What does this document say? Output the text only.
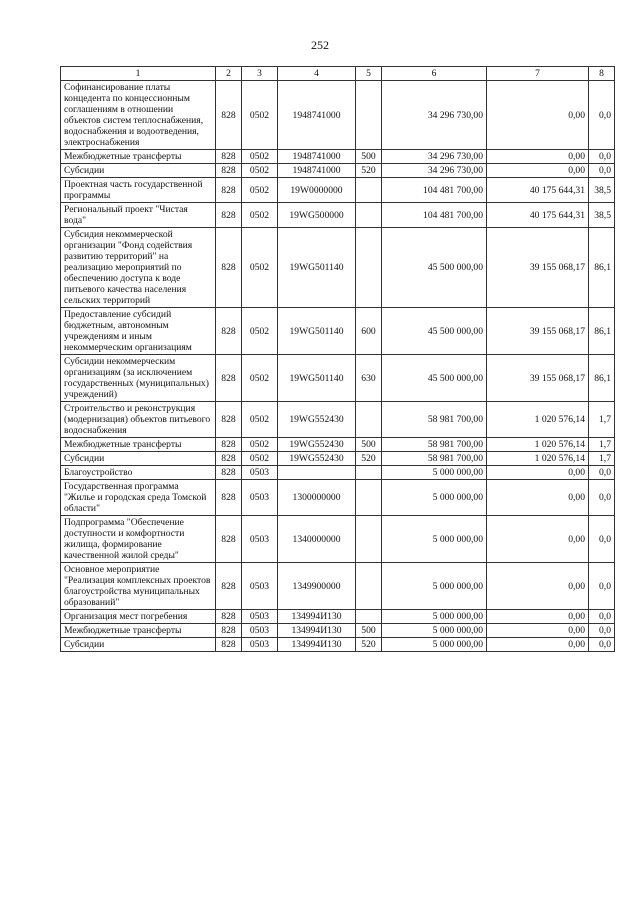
252
1	2	3	4	5	6	7	8
Софинансирование платы концедента по концессионным соглашениям в отношении объектов систем теплоснабжения, водоснабжения и водоотведения, электроснабжения	828	0502	1948741000		34 296 730,00	0,00	0,0
Межбюджетные трансферты	828	0502	1948741000	500	34 296 730,00	0,00	0,0
Субсидии	828	0502	1948741000	520	34 296 730,00	0,00	0,0
Проектная часть государственной программы	828	0502	19W0000000		104 481 700,00	40 175 644,31	38,5
Региональный проект "Чистая вода"	828	0502	19WG500000		104 481 700,00	40 175 644,31	38,5
Субсидия некоммерческой организации "Фонд содействия развитию территорий" на реализацию мероприятий по обеспечению доступа к воде питьевого качества населения сельских территорий	828	0502	19WG501140		45 500 000,00	39 155 068,17	86,1
Предоставление субсидий бюджетным, автономным учреждениям и иным некоммерческим организациям	828	0502	19WG501140	600	45 500 000,00	39 155 068,17	86,1
Субсидии некоммерческим организациям (за исключением государственных (муниципальных) учреждений)	828	0502	19WG501140	630	45 500 000,00	39 155 068,17	86,1
Строительство и реконструкция (модернизация) объектов питьевого водоснабжения	828	0502	19WG552430		58 981 700,00	1 020 576,14	1,7
Межбюджетные трансферты	828	0502	19WG552430	500	58 981 700,00	1 020 576,14	1,7
Субсидии	828	0502	19WG552430	520	58 981 700,00	1 020 576,14	1,7
Благоустройство	828	0503			5 000 000,00	0,00	0,0
Государственная программа "Жилье и городская среда Томской области"	828	0503	1300000000		5 000 000,00	0,00	0,0
Подпрограмма "Обеспечение доступности и комфортности жилища, формирование качественной жилой среды"	828	0503	1340000000		5 000 000,00	0,00	0,0
Основное мероприятие "Реализация комплексных проектов благоустройства муниципальных образований"	828	0503	1349900000		5 000 000,00	0,00	0,0
Организация мест погребения	828	0503	134994И130		5 000 000,00	0,00	0,0
Межбюджетные трансферты	828	0503	134994И130	500	5 000 000,00	0,00	0,0
Субсидии	828	0503	134994И130	520	5 000 000,00	0,00	0,0
